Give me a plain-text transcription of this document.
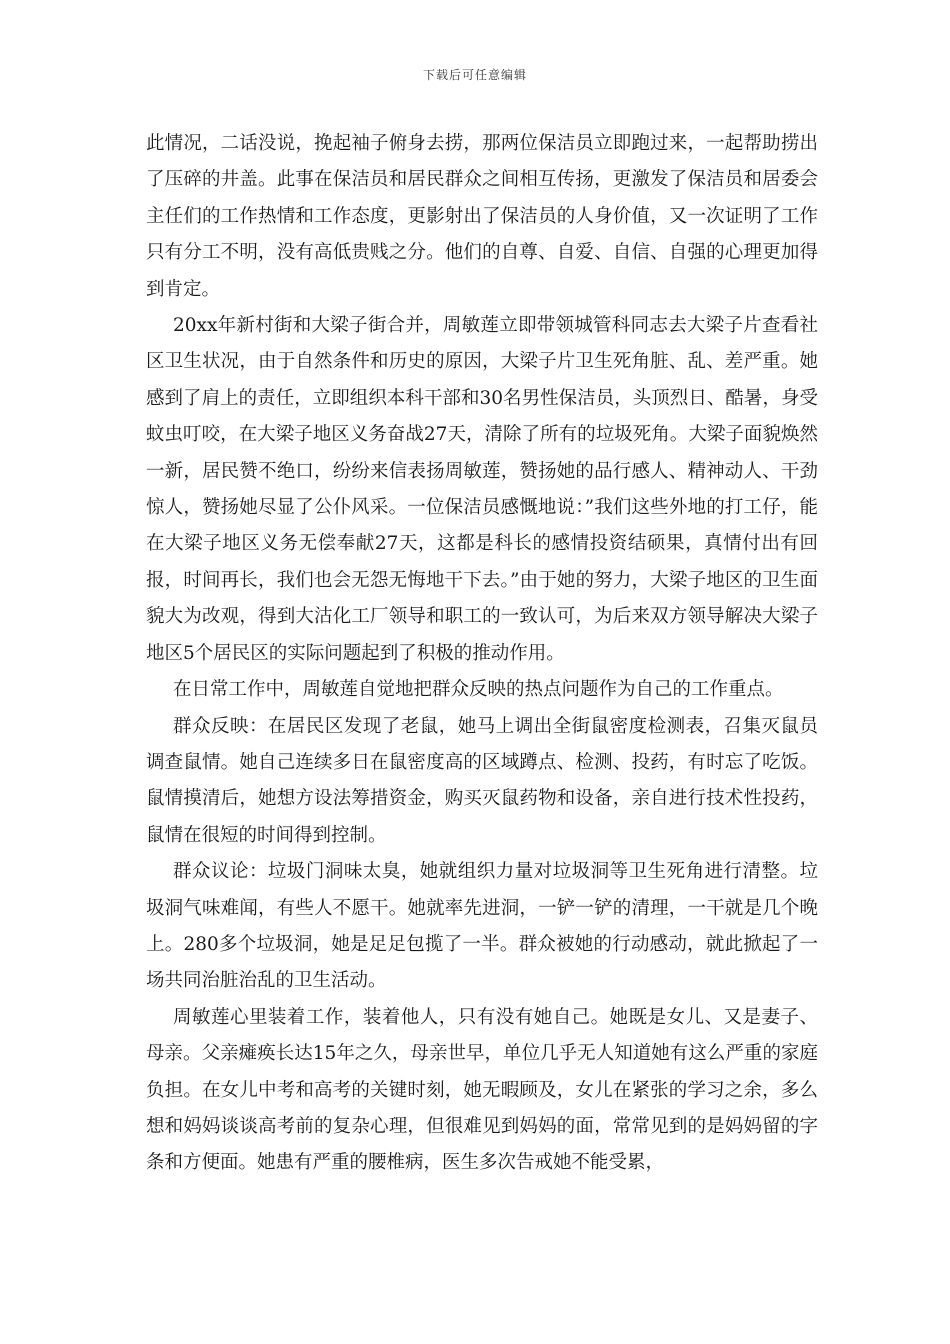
下载后可任意编辑

此情况，二话没说，挽起袖子俯身去捞，那两位保洁员立即跑过来，一起帮助捞出了压碎的井盖。此事在保洁员和居民群众之间相互传扬，更激发了保洁员和居委会主任们的工作热情和工作态度，更影射出了保洁员的人身价值，又一次证明了工作只有分工不明，没有高低贵贱之分。他们的自尊、自爱、自信、自强的心理更加得到肯定。

20xx年新村街和大梁子街合并，周敏莲立即带领城管科同志去大梁子片查看社区卫生状况，由于自然条件和历史的原因，大梁子片卫生死角脏、乱、差严重。她感到了肩上的责任，立即组织本科干部和30名男性保洁员，头顶烈日、酷暑，身受蚊虫叮咬，在大梁子地区义务奋战27天，清除了所有的垃圾死角。大梁子面貌焕然一新，居民赞不绝口，纷纷来信表扬周敏莲，赞扬她的品行感人、精神动人、干劲惊人，赞扬她尽显了公仆风采。一位保洁员感慨地说：”我们这些外地的打工仔，能在大梁子地区义务无偿奉献27天，这都是科长的感情投资结硕果，真情付出有回报，时间再长，我们也会无怨无悔地干下去。”由于她的努力，大梁子地区的卫生面貌大为改观，得到大沽化工厂领导和职工的一致认可，为后来双方领导解决大梁子地区5个居民区的实际问题起到了积极的推动作用。

在日常工作中，周敏莲自觉地把群众反映的热点问题作为自己的工作重点。

群众反映：在居民区发现了老鼠，她马上调出全街鼠密度检测表，召集灭鼠员调查鼠情。她自己连续多日在鼠密度高的区域蹲点、检测、投药，有时忘了吃饭。鼠情摸清后，她想方设法筹措资金，购买灭鼠药物和设备，亲自进行技术性投药，鼠情在很短的时间得到控制。

群众议论：垃圾门洞味太臭，她就组织力量对垃圾洞等卫生死角进行清整。垃圾洞气味难闻，有些人不愿干。她就率先进洞，一铲一铲的清理，一干就是几个晚上。280多个垃圾洞，她是足足包揽了一半。群众被她的行动感动，就此掀起了一场共同治脏治乱的卫生活动。

周敏莲心里装着工作，装着他人，只有没有她自己。她既是女儿、又是妻子、母亲。父亲瘫痪长达15年之久，母亲世早，单位几乎无人知道她有这么严重的家庭负担。在女儿中考和高考的关键时刻，她无暇顾及，女儿在紧张的学习之余，多么想和妈妈谈谈高考前的复杂心理，但很难见到妈妈的面，常常见到的是妈妈留的字条和方便面。她患有严重的腰椎病，医生多次告戒她不能受累，
